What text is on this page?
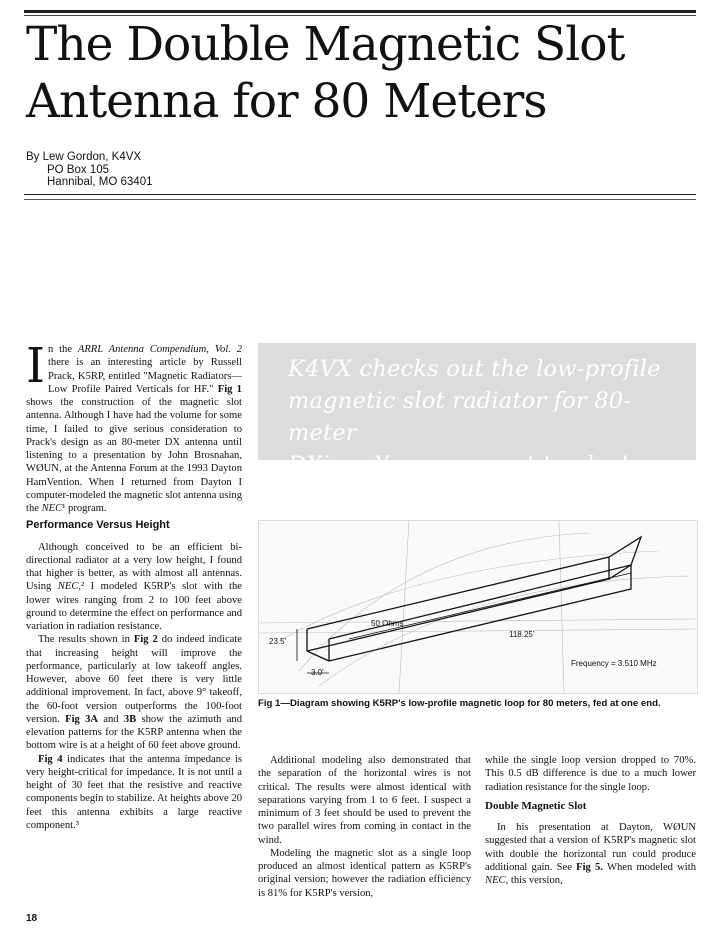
The Double Magnetic Slot
Antenna for 80 Meters
By Lew Gordon, K4VX
PO Box 105
Hannibal, MO 63401

In the ARRL Antenna Compendium, Vol. 2 there is an interesting article by Russell Prack, K5RP, entitled "Magnetic Radiators—Low Profile Paired Verticals for HF." Fig 1 shows the construction of the magnetic slot antenna. Although I have had the volume for some time, I failed to give serious consideration to Prack's design as an 80-meter DX antenna until listening to a presentation by John Brosnahan, WØUN, at the Antenna Forum at the 1993 Dayton HamVention. When I returned from Dayton I computer-modeled the magnetic slot antenna using the NEC¹ program.

Performance Versus Height

Although conceived to be an efficient bi-directional radiator at a very low height, I found that higher is better, as with almost all antennas. Using NEC,² I modeled K5RP's slot with the lower wires ranging from 2 to 100 feet above ground to determine the effect on performance and variation in radiation resistance.

The results shown in Fig 2 do indeed indicate that increasing height will improve the performance, particularly at low takeoff angles. However, above 60 feet there is very little additional improvement. In fact, above 9° takeoff, the 60-foot version outperforms the 100-foot version. Fig 3A and 3B show the azimuth and elevation patterns for the K5RP antenna when the bottom wire is at a height of 60 feet above ground.

Fig 4 indicates that the antenna impedance is very height-critical for impedance. It is not until a height of 30 feet that the resistive and reactive components begin to stabilize. At heights above 20 feet this antenna exhibits a large reactive component.³

K4VX checks out the low-profile
magnetic slot radiator for 80-meter
DXing. You may want to also!
50 Ohms
23.5'
118.25'
3.0'
Frequency = 3.510 MHz
Fig 1—Diagram showing K5RP's low-profile magnetic loop for 80 meters, fed at one end.

Additional modeling also demonstrated that the separation of the horizontal wires is not critical. The results were almost identical with separations varying from 1 to 6 feet. I suspect a minimum of 3 feet should be used to prevent the two parallel wires from coming in contact in the wind.

Modeling the magnetic slot as a single loop produced an almost identical pattern as K5RP's original version; however the radiation efficiency is 81% for K5RP's version,

while the single loop version dropped to 70%. This 0.5 dB difference is due to a much lower radiation resistance for the single loop.

Double Magnetic Slot

In his presentation at Dayton, WØUN suggested that a version of K5RP's magnetic slot with double the horizontal run could produce additional gain. See Fig 5. When modeled with NEC, this version,

18
